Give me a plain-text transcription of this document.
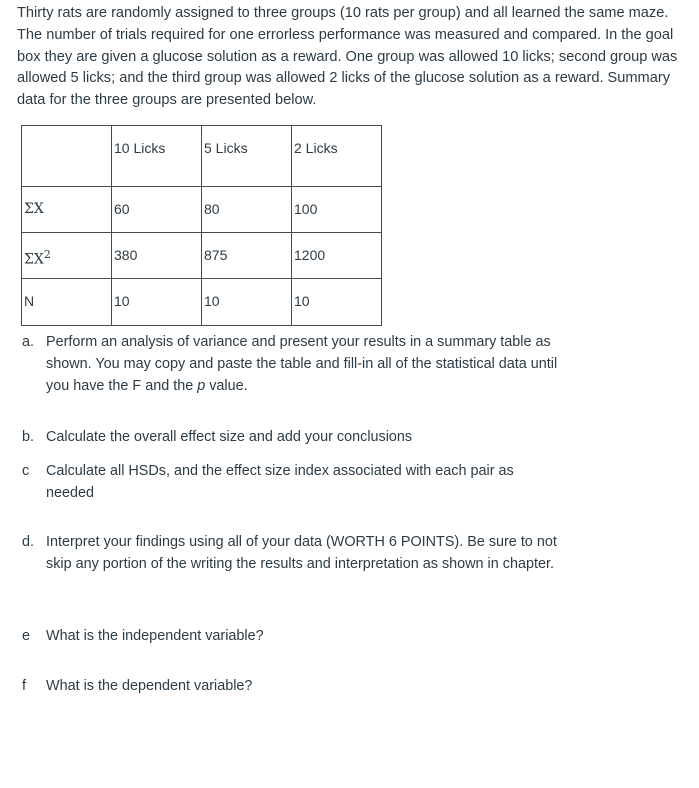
Thirty rats are randomly assigned to three groups (10 rats per group) and all learned the same maze. The number of trials required for one errorless performance was measured and compared. In the goal box they are given a glucose solution as a reward. One group was allowed 10 licks; second group was allowed 5 licks; and the third group was allowed 2 licks of the glucose solution as a reward. Summary data for the three groups are presented below.
	10 Licks	5 Licks	2 Licks
ΣX	60	80	100
$\Sigma X^2$	380	875	1200
N	10	10	10
a. Perform an analysis of variance and present your results in a summary table as shown. You may copy and paste the table and fill-in all of the statistical data until you have the F and the p value.
b. Calculate the overall effect size and add your conclusions
c Calculate all HSDs, and the effect size index associated with each pair as needed
d. Interpret your findings using all of your data (WORTH 6 POINTS). Be sure to not skip any portion of the writing the results and interpretation as shown in chapter.
e What is the independent variable?
f What is the dependent variable?
